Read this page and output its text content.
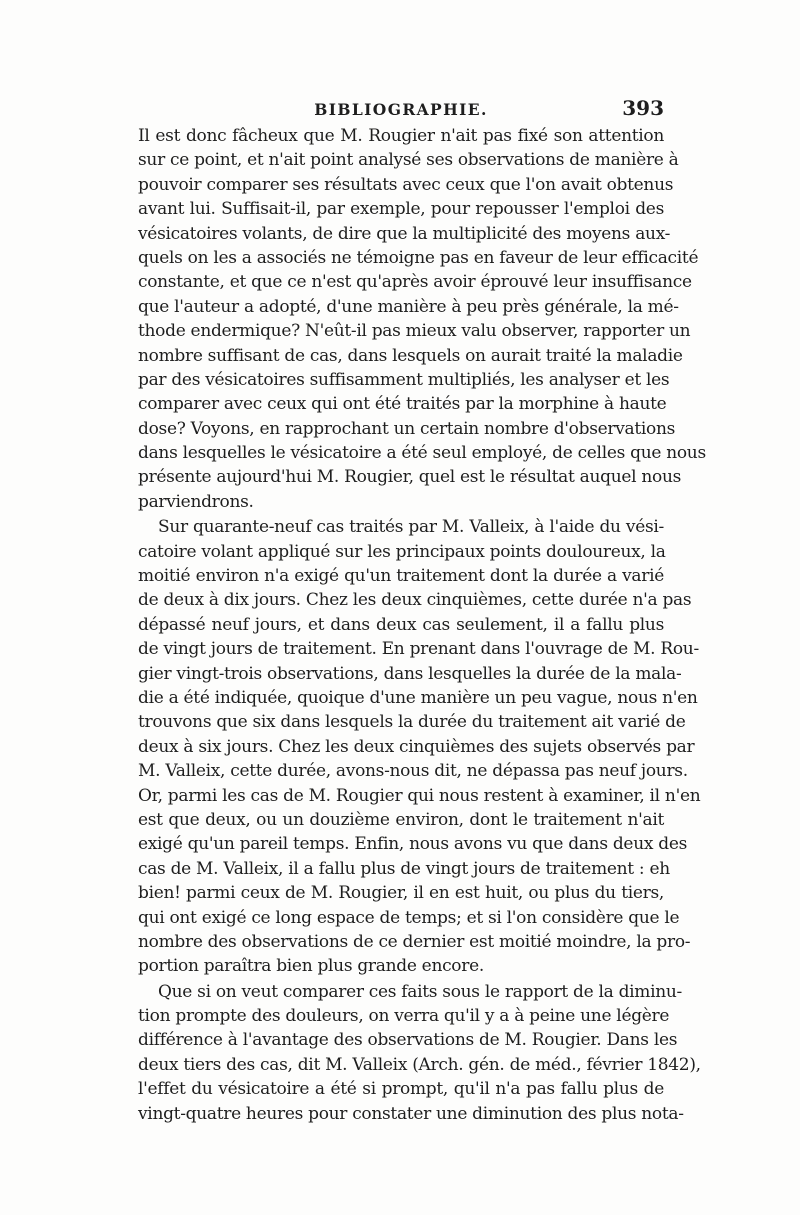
BIBLIOGRAPHIE.	393
Il est donc fâcheux que M. Rougier n'ait pas fixé son attention
sur ce point, et n'ait point analysé ses observations de manière à
pouvoir comparer ses résultats avec ceux que l'on avait obtenus
avant lui. Suffisait-il, par exemple, pour repousser l'emploi des
vésicatoires volants, de dire que la multiplicité des moyens aux-
quels on les a associés ne témoigne pas en faveur de leur efficacité
constante, et que ce n'est qu'après avoir éprouvé leur insuffisance
que l'auteur a adopté, d'une manière à peu près générale, la mé-
thode endermique? N'eût-il pas mieux valu observer, rapporter un
nombre suffisant de cas, dans lesquels on aurait traité la maladie
par des vésicatoires suffisamment multipliés, les analyser et les
comparer avec ceux qui ont été traités par la morphine à haute
dose? Voyons, en rapprochant un certain nombre d'observations
dans lesquelles le vésicatoire a été seul employé, de celles que nous
présente aujourd'hui M. Rougier, quel est le résultat auquel nous
parviendrons.
Sur quarante-neuf cas traités par M. Valleix, à l'aide du vési-
catoire volant appliqué sur les principaux points douloureux, la
moitié environ n'a exigé qu'un traitement dont la durée a varié
de deux à dix jours. Chez les deux cinquièmes, cette durée n'a pas
dépassé neuf jours, et dans deux cas seulement, il a fallu plus
de vingt jours de traitement. En prenant dans l'ouvrage de M. Rou-
gier vingt-trois observations, dans lesquelles la durée de la mala-
die a été indiquée, quoique d'une manière un peu vague, nous n'en
trouvons que six dans lesquels la durée du traitement ait varié de
deux à six jours. Chez les deux cinquièmes des sujets observés par
M. Valleix, cette durée, avons-nous dit, ne dépassa pas neuf jours.
Or, parmi les cas de M. Rougier qui nous restent à examiner, il n'en
est que deux, ou un douzième environ, dont le traitement n'ait
exigé qu'un pareil temps. Enfin, nous avons vu que dans deux des
cas de M. Valleix, il a fallu plus de vingt jours de traitement : eh
bien! parmi ceux de M. Rougier, il en est huit, ou plus du tiers,
qui ont exigé ce long espace de temps; et si l'on considère que le
nombre des observations de ce dernier est moitié moindre, la pro-
portion paraîtra bien plus grande encore.
Que si on veut comparer ces faits sous le rapport de la diminu-
tion prompte des douleurs, on verra qu'il y a à peine une légère
différence à l'avantage des observations de M. Rougier. Dans les
deux tiers des cas, dit M. Valleix (Arch. gén. de méd., février 1842),
l'effet du vésicatoire a été si prompt, qu'il n'a pas fallu plus de
vingt-quatre heures pour constater une diminution des plus nota-
